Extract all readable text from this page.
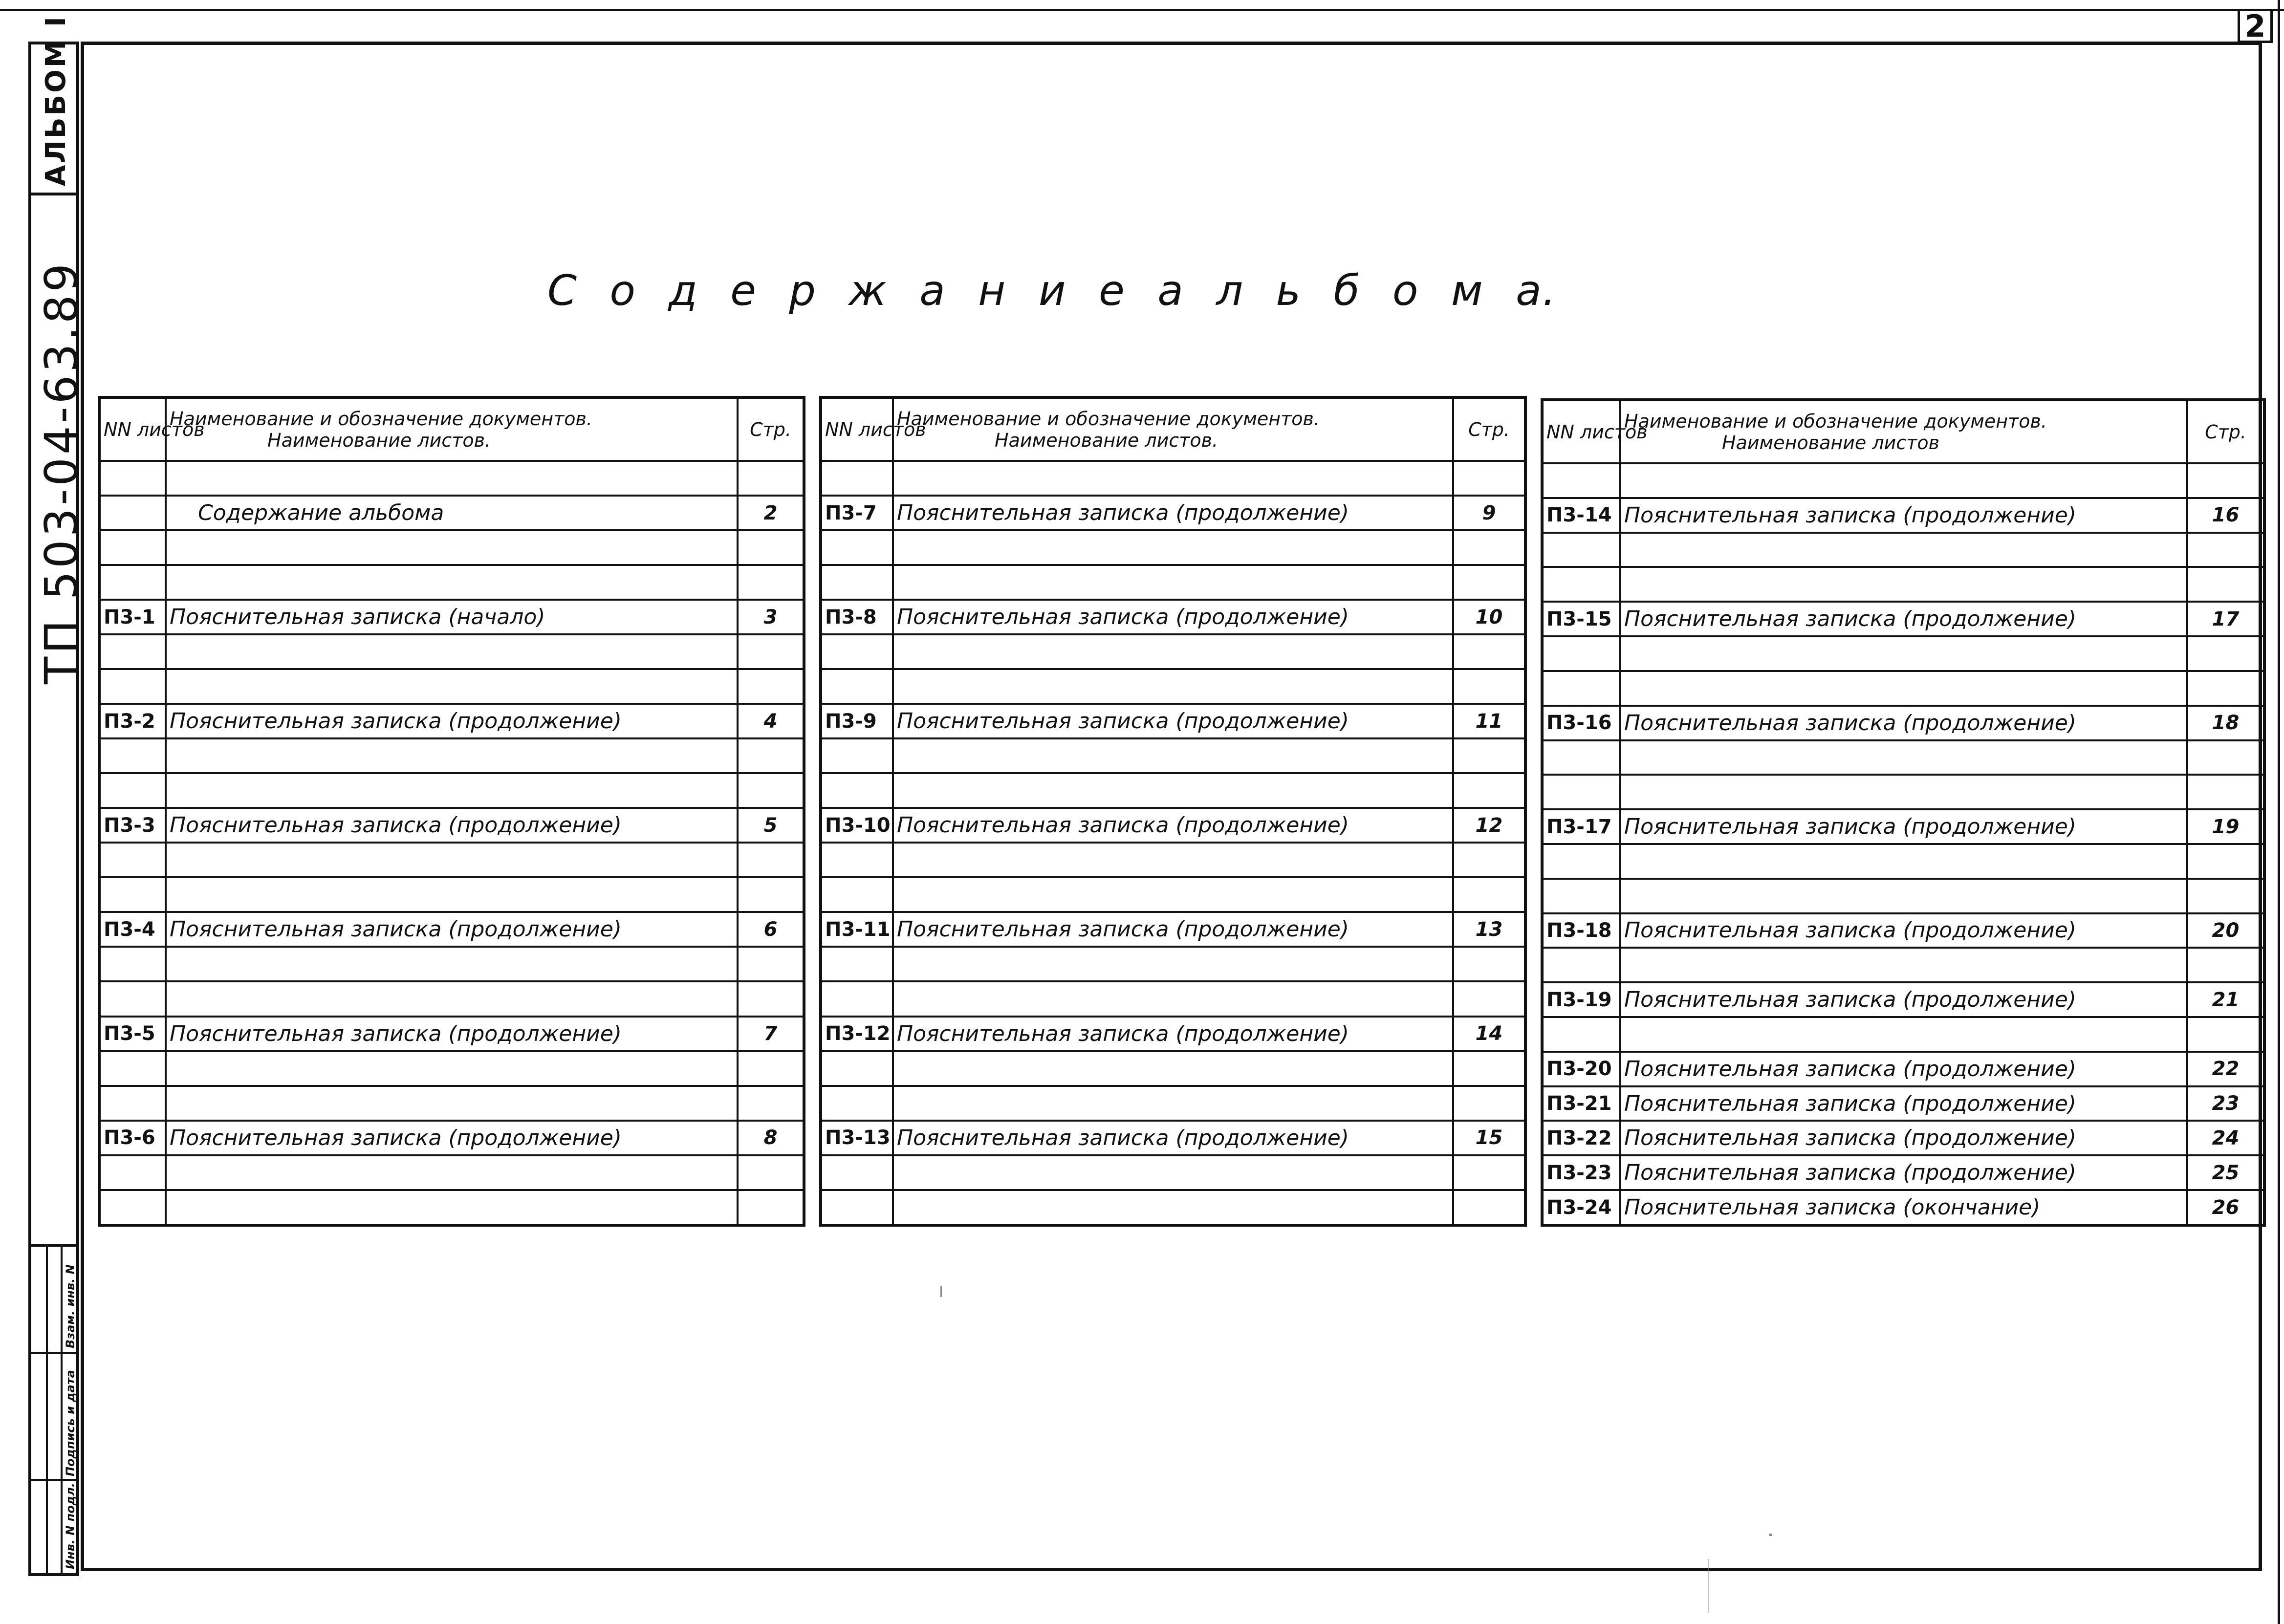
2
АЛЬБОМ I
ТП 503-04-63.89
Инв. N подл.
Подпись и дата
Взам. инв. N
С о д е р ж а н и е а л ь б о м а.
NN листов	Наименование и обозначение документов.
Наименование листов.	Стр.

	Содержание альбома	2

П3-1	Пояснительная записка (начало)	3

П3-2	Пояснительная записка (продолжение)	4

П3-3	Пояснительная записка (продолжение)	5

П3-4	Пояснительная записка (продолжение)	6

П3-5	Пояснительная записка (продолжение)	7

П3-6	Пояснительная записка (продолжение)	8

NN листов	Наименование и обозначение документов.
Наименование листов.	Стр.

П3-7	Пояснительная записка (продолжение)	9

П3-8	Пояснительная записка (продолжение)	10

П3-9	Пояснительная записка (продолжение)	11

П3-10	Пояснительная записка (продолжение)	12

П3-11	Пояснительная записка (продолжение)	13

П3-12	Пояснительная записка (продолжение)	14

П3-13	Пояснительная записка (продолжение)	15

NN листов	Наименование и обозначение документов.
Наименование листов	Стр.

П3-14	Пояснительная записка (продолжение)	16

П3-15	Пояснительная записка (продолжение)	17

П3-16	Пояснительная записка (продолжение)	18

П3-17	Пояснительная записка (продолжение)	19

П3-18	Пояснительная записка (продолжение)	20

П3-19	Пояснительная записка (продолжение)	21

П3-20	Пояснительная записка (продолжение)	22
П3-21	Пояснительная записка (продолжение)	23
П3-22	Пояснительная записка (продолжение)	24
П3-23	Пояснительная записка (продолжение)	25
П3-24	Пояснительная записка (окончание)	26
